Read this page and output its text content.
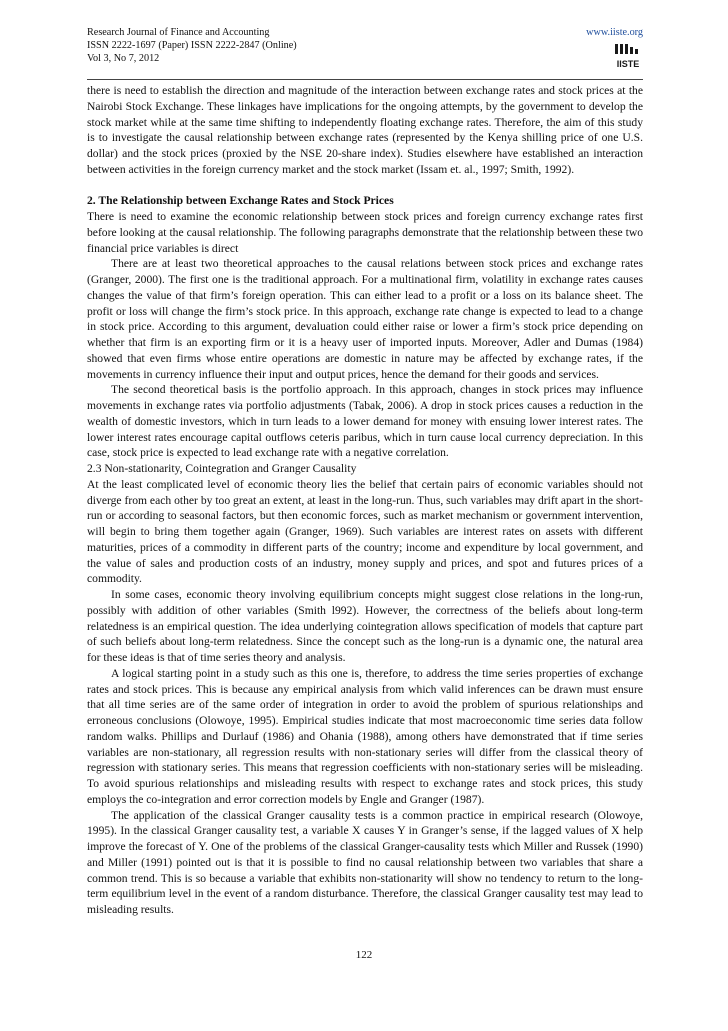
Research Journal of Finance and Accounting
ISSN 2222-1697 (Paper) ISSN 2222-2847 (Online)
Vol 3, No 7, 2012
www.iiste.org
IISTE

there is need to establish the direction and magnitude of the interaction between exchange rates and stock prices at the Nairobi Stock Exchange. These linkages have implications for the ongoing attempts, by the government to develop the stock market while at the same time shifting to independently floating exchange rates. Therefore, the aim of this study is to investigate the causal relationship between exchange rates (represented by the Kenya shilling price of one U.S. dollar) and the stock prices (proxied by the NSE 20-share index). Studies elsewhere have established an interaction between activities in the foreign currency market and the stock market (Issam et. al., 1997; Smith, 1992).

2. The Relationship between Exchange Rates and Stock Prices

There is need to examine the economic relationship between stock prices and foreign currency exchange rates first before looking at the causal relationship. The following paragraphs demonstrate that the relationship between these two financial price variables is direct

There are at least two theoretical approaches to the causal relations between stock prices and exchange rates (Granger, 2000). The first one is the traditional approach. For a multinational firm, volatility in exchange rates causes changes the value of that firm’s foreign operation. This can either lead to a profit or a loss on its balance sheet. The profit or loss will change the firm’s stock price. In this approach, exchange rate change is expected to lead to a change in stock price. According to this argument, devaluation could either raise or lower a firm’s stock price depending on whether that firm is an exporting firm or it is a heavy user of imported inputs. Moreover, Adler and Dumas (1984) showed that even firms whose entire operations are domestic in nature may be affected by exchange rates, if the movements in currency influence their input and output prices, hence the demand for their goods and services.

The second theoretical basis is the portfolio approach. In this approach, changes in stock prices may influence movements in exchange rates via portfolio adjustments (Tabak, 2006). A drop in stock prices causes a reduction in the wealth of domestic investors, which in turn leads to a lower demand for money with ensuing lower interest rates. The lower interest rates encourage capital outflows ceteris paribus, which in turn cause local currency depreciation. In this case, stock price is expected to lead exchange rate with a negative correlation.

2.3 Non-stationarity, Cointegration and Granger Causality

At the least complicated level of economic theory lies the belief that certain pairs of economic variables should not diverge from each other by too great an extent, at least in the long-run. Thus, such variables may drift apart in the short-run or according to seasonal factors, but then economic forces, such as market mechanism or government intervention, will begin to bring them together again (Granger, 1969). Such variables are interest rates on assets with different maturities, prices of a commodity in different parts of the country; income and expenditure by local government, and the value of sales and production costs of an industry, money supply and prices, and spot and futures prices of a commodity.

In some cases, economic theory involving equilibrium concepts might suggest close relations in the long-run, possibly with addition of other variables (Smith l992). However, the correctness of the beliefs about long-term relatedness is an empirical question. The idea underlying cointegration allows specification of models that capture part of such beliefs about long-term relatedness. Since the concept such as the long-run is a dynamic one, the natural area for these ideas is that of time series theory and analysis.

A logical starting point in a study such as this one is, therefore, to address the time series properties of exchange rates and stock prices. This is because any empirical analysis from which valid inferences can be drawn must ensure that all time series are of the same order of integration in order to avoid the problem of spurious relationships and erroneous conclusions (Olowoye, 1995). Empirical studies indicate that most macroeconomic time series data follow random walks. Phillips and Durlauf (1986) and Ohania (1988), among others have demonstrated that if time series variables are non-stationary, all regression results with non-stationary series will differ from the classical theory of regression with stationary series. This means that regression coefficients with non-stationary series will be misleading. To avoid spurious relationships and misleading results with respect to exchange rates and stock prices, this study employs the co-integration and error correction models by Engle and Granger (1987).

The application of the classical Granger causality tests is a common practice in empirical research (Olowoye, 1995). In the classical Granger causality test, a variable X causes Y in Granger’s sense, if the lagged values of X help improve the forecast of Y. One of the problems of the classical Granger-causality tests which Miller and Russek (1990) and Miller (1991) pointed out is that it is possible to find no causal relationship between two variables that share a common trend. This is so because a variable that exhibits non-stationarity will show no tendency to return to the long-term equilibrium level in the event of a random disturbance. Therefore, the classical Granger causality test may lead to misleading results.

122
